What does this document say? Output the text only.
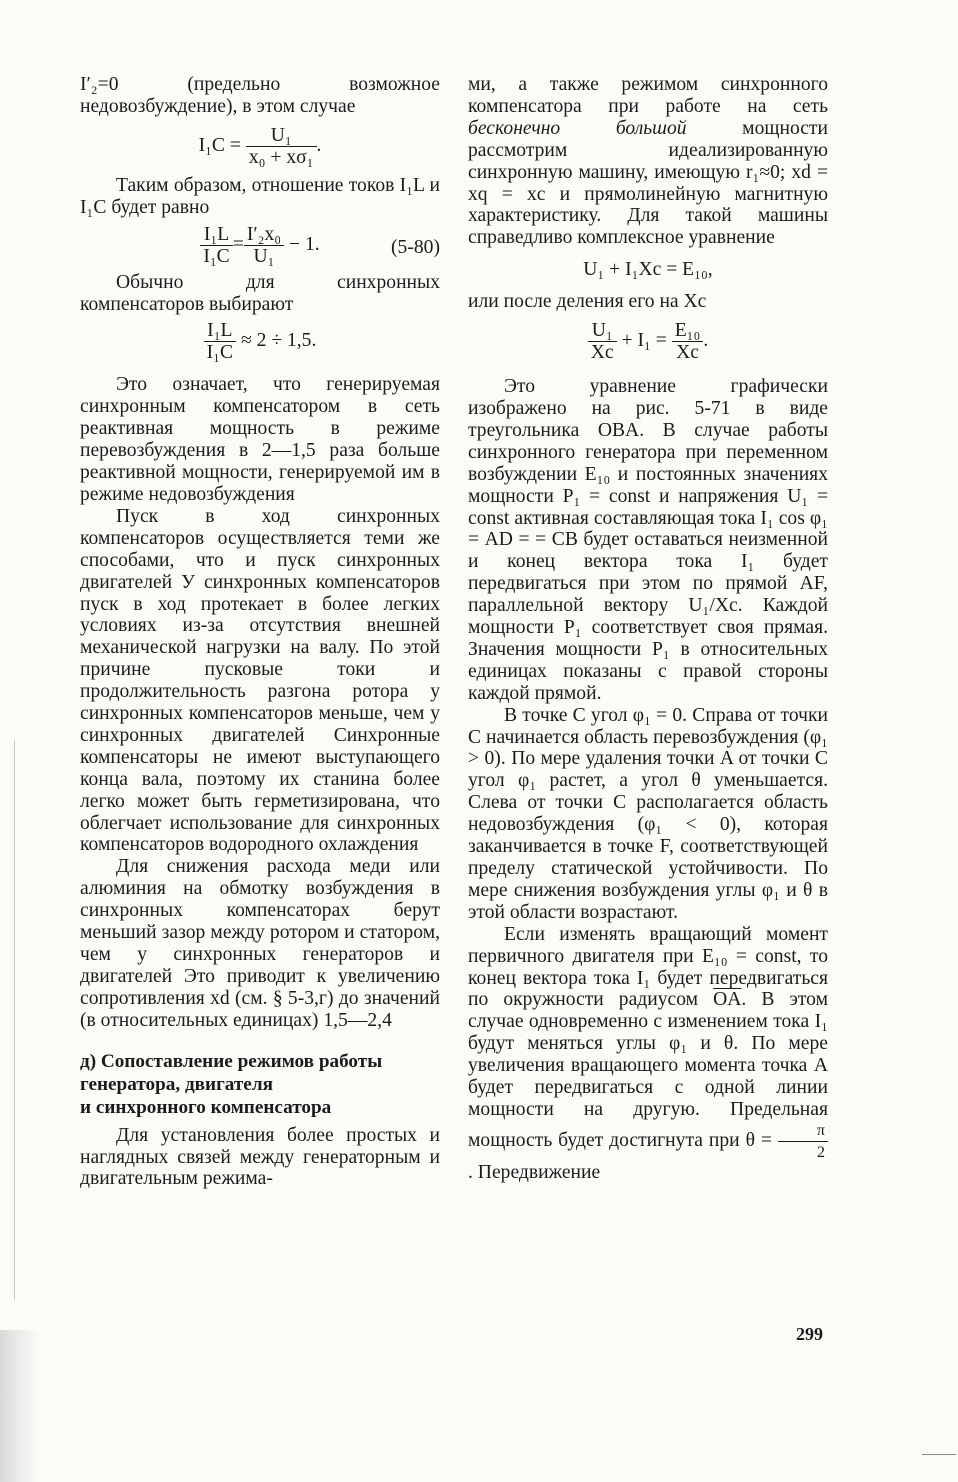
I′₂=0 (предельно возможное недовозбуждение), в этом случае

$I_1C = \frac{\text{U₁}}{\text{x₀ + xσ₁}}$ .

Таким образом, отношение токов I₁L и I₁C будет равно

$\frac{\text{I₁L}}{\text{I₁C}} = \frac{\text{I′₂x₀}}{\text{U₁}} - 1$.	(5-80)

Обычно для синхронных компенсаторов выбирают

$\frac{\text{I₁L}}{\text{I₁C}} \approx 2 \div 1,5$.

Это означает, что генерируемая синхронным компенсатором в сеть реактивная мощность в режиме перевозбуждения в 2—1,5 раза больше реактивной мощности, генерируемой им в режиме недовозбуждения

Пуск в ход синхронных компенсаторов осуществляется теми же способами, что и пуск синхронных двигателей У синхронных компенсаторов пуск в ход протекает в более легких условиях из-за отсутствия внешней механической нагрузки на валу. По этой причине пусковые токи и продолжительность разгона ротора у синхронных компенсаторов меньше, чем у синхронных двигателей Синхронные компенсаторы не имеют выступающего конца вала, поэтому их станина более легко может быть герметизирована, что облегчает использование для синхронных компенсаторов водородного охлаждения

Для снижения расхода меди или алюминия на обмотку возбуждения в синхронных компенсаторах берут меньший зазор между ротором и статором, чем у синхронных генераторов и двигателей Это приводит к увеличению сопротивления xd (см. § 5-3,г) до значений (в относительных единицах) 1,5—2,4

д) Сопоставление режимов работы

генератора, двигателя

и синхронного компенсатора

Для установления более простых и наглядных связей между генераторным и двигательным режима-

ми, а также режимом синхронного компенсатора при работе на сеть бесконечно большой	мощности рассмотрим идеализированную синхронную машину, имеющую r₁≈0; xd = xq = xc и прямолинейную магнитную характеристику. Для такой машины справедливо комплексное уравнение

U₁ + I₁Xc = E₁₀,

или после деления его на Xc

$\frac{\text{U₁}}{Xc} + I_1 = \frac{\text{E₁₀}}{Xc}$ .

Это уравнение графически изображено на рис. 5-71 в виде треугольника OBA. В случае работы синхронного генератора при переменном возбуждении E₁₀ и постоянных значениях мощности P₁ = const и напряжения U₁ = const активная составляющая тока I₁ cos φ₁ = AD = = CB будет оставаться неизменной и конец вектора тока I₁ будет передвигаться при этом по прямой AF, параллельной вектору U₁/Xc. Каждой мощности P₁ соответствует своя прямая. Значения мощности P₁ в относительных единицах показаны с правой стороны каждой прямой.

В точке C угол φ₁ = 0. Справа от точки C начинается область перевозбуждения (φ₁ > 0). По мере удаления точки A от точки C угол φ₁ растет, а угол θ уменьшается. Слева от точки C располагается область недовозбуждения (φ₁ < 0), которая заканчивается в точке F, соответствующей пределу статической устойчивости. По мере снижения возбуждения углы φ₁ и θ в этой области возрастают.

Если изменять вращающий момент первичного двигателя при E₁₀ = const, то конец вектора тока I₁ будет передвигаться по окружности радиусом $\overline{OA}$. В этом случае одновременно с изменением тока I₁ будут меняться углы φ₁ и θ. По мере увеличения вращающего момента точка A будет передвигаться с одной линии мощности на другую. Предельная мощность будет достигнута при $\theta = \frac{\pi}{2}$
. Передвижение

299
